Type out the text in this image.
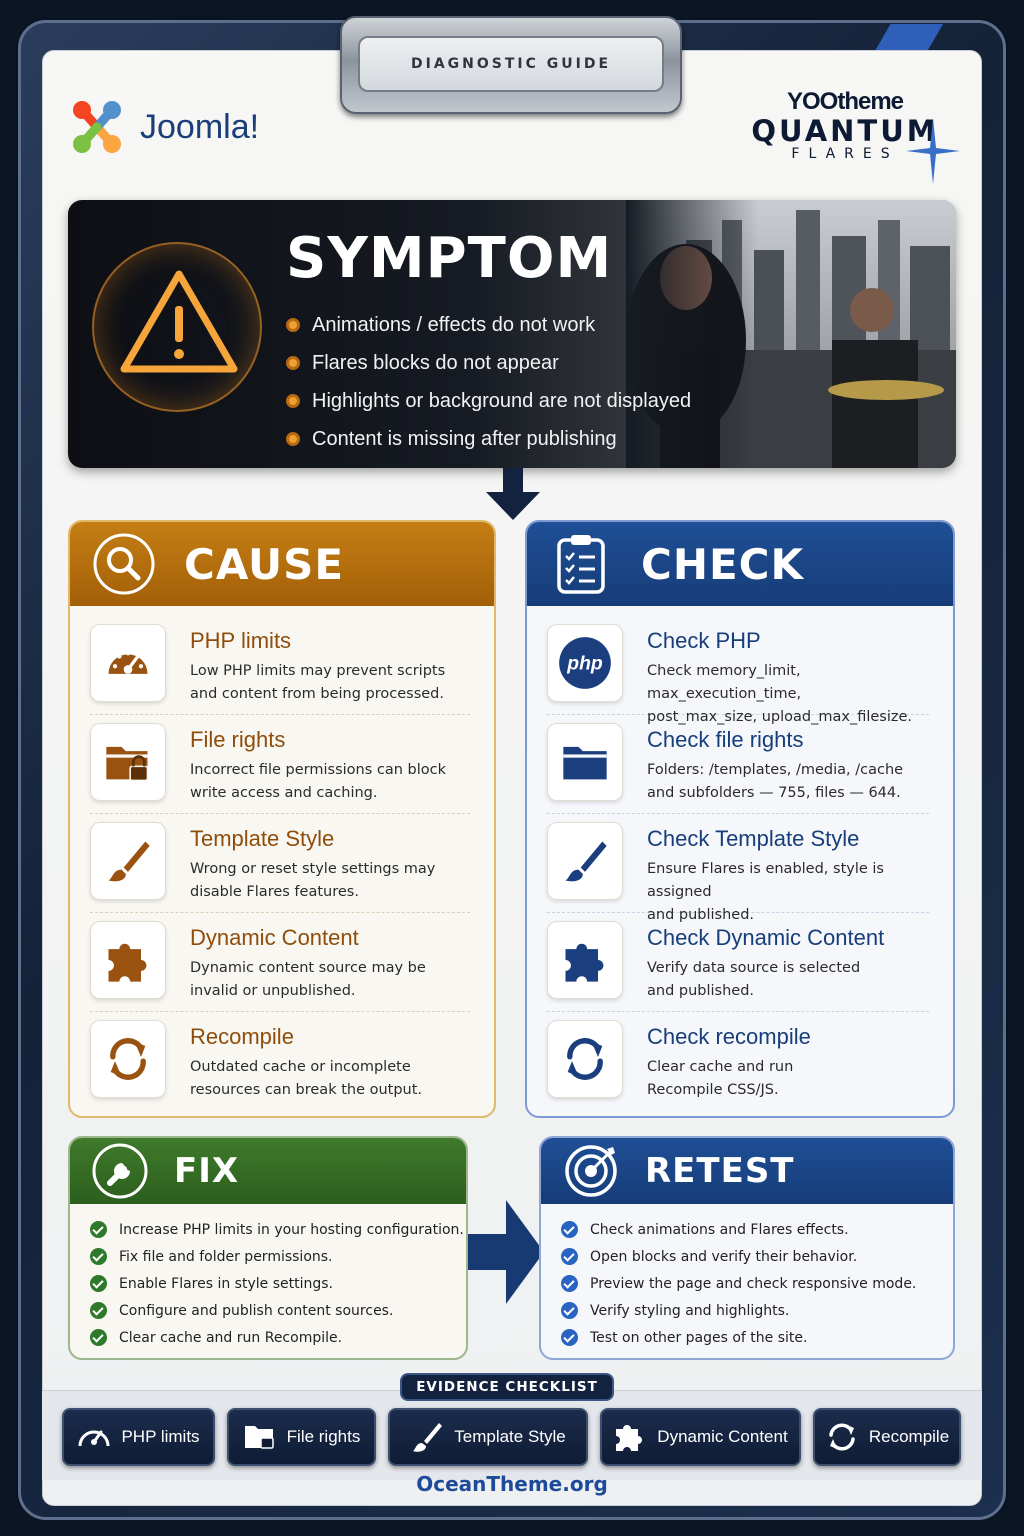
DIAGNOSTIC GUIDE
Joomla!
YOOtheme
QUANTUM
FLARES
SYMPTOM
Animations / effects do not work
Flares blocks do not appear
Highlights or background are not displayed
Content is missing after publishing
CAUSE
PHP limits
Low PHP limits may prevent scripts
and content from being processed.
File rights
Incorrect file permissions can block
write access and caching.
Template Style
Wrong or reset style settings may
disable Flares features.
Dynamic Content
Dynamic content source may be
invalid or unpublished.
Recompile
Outdated cache or incomplete
resources can break the output.
CHECK
php
Check PHP
Check memory_limit, max_execution_time,
post_max_size, upload_max_filesize.
Check file rights
Folders: /templates, /media, /cache
and subfolders — 755, files — 644.
Check Template Style
Ensure Flares is enabled, style is assigned
and published.
Check Dynamic Content
Verify data source is selected
and published.
Check recompile
Clear cache and run
Recompile CSS/JS.
FIX
Increase PHP limits in your hosting configuration.
Fix file and folder permissions.
Enable Flares in style settings.
Configure and publish content sources.
Clear cache and run Recompile.
RETEST
Check animations and Flares effects.
Open blocks and verify their behavior.
Preview the page and check responsive mode.
Verify styling and highlights.
Test on other pages of the site.
EVIDENCE CHECKLIST
PHP limits	File rights	Template Style	Dynamic Content	Recompile
OceanTheme.org
